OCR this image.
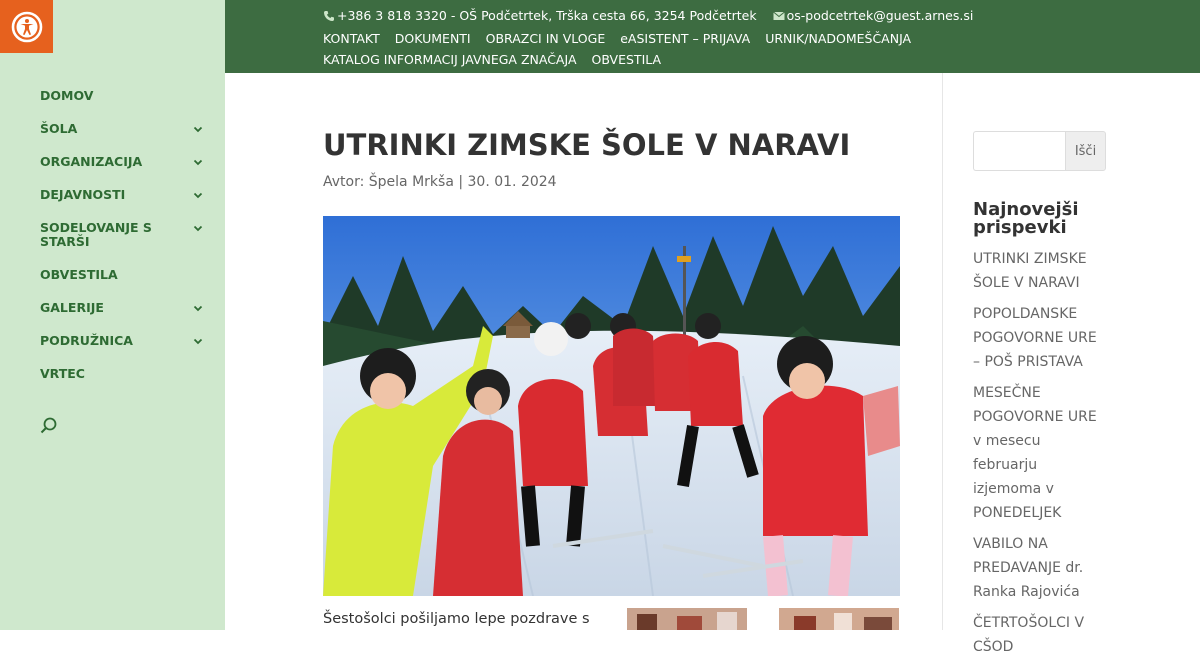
DOMOV
ŠOLA
ORGANIZACIJA
DEJAVNOSTI
SODELOVANJE S STARŠI
OBVESTILA
GALERIJE
PODRUŽNICA
VRTEC
+386 3 818 3320 - OŠ Podčetrtek, Trška cesta 66, 3254 Podčetrtek os-podcetrtek@guest.arnes.si
KONTAKT DOKUMENTI OBRAZCI IN VLOGE eASISTENT – PRIJAVA URNIK/NADOMEŠČANJAKATALOG INFORMACIJ JAVNEGA ZNAČAJA OBVESTILA
UTRINKI ZIMSKE ŠOLE V NARAVI
Avtor: Špela Mrkša | 30. 01. 2024
Šestošolci pošiljamo lepe pozdrave s
Išči
Najnovejši prispevki
UTRINKI ZIMSKE ŠOLE V NARAVI
POPOLDANSKE POGOVORNE URE – POŠ PRISTAVA
MESEČNE POGOVORNE URE v mesecu februarju izjemoma v PONEDELJEK
VABILO NA PREDAVANJE dr. Ranka Rajovića
ČETRTOŠOLCI V CŠOD
